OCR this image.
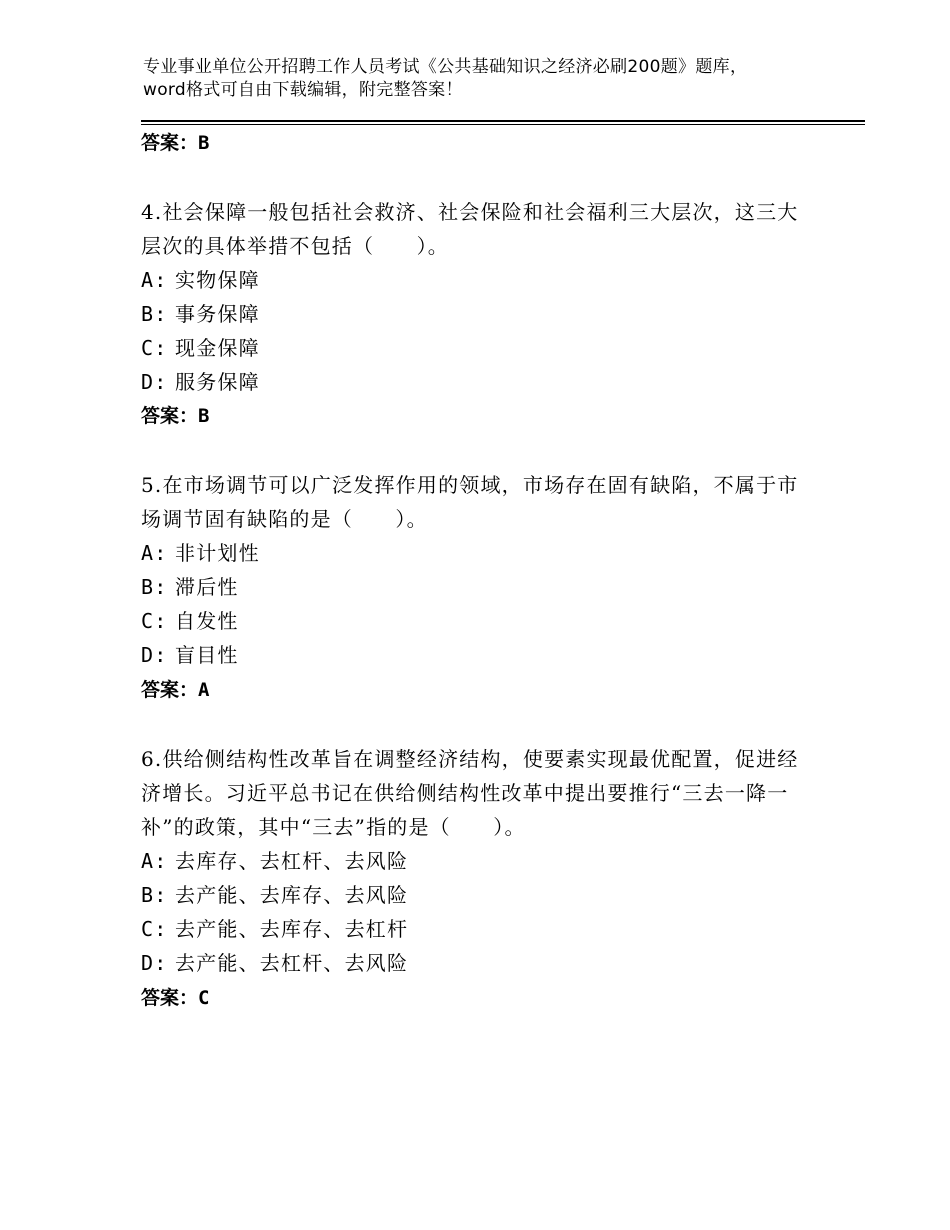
专业事业单位公开招聘工作人员考试《公共基础知识之经济必刷200题》题库，word格式可自由下载编辑，附完整答案！
答案：B

4.社会保障一般包括社会救济、社会保险和社会福利三大层次，这三大层次的具体举措不包括（　　）。

A: 实物保障
B: 事务保障
C: 现金保障
D: 服务保障
答案：B

5.在市场调节可以广泛发挥作用的领域，市场存在固有缺陷，不属于市场调节固有缺陷的是（　　）。

A: 非计划性
B: 滞后性
C: 自发性
D: 盲目性
答案：A

6.供给侧结构性改革旨在调整经济结构，使要素实现最优配置，促进经济增长。习近平总书记在供给侧结构性改革中提出要推行“三去一降一补”的政策，其中“三去”指的是（　　）。

A: 去库存、去杠杆、去风险
B: 去产能、去库存、去风险
C: 去产能、去库存、去杠杆
D: 去产能、去杠杆、去风险
答案：C
